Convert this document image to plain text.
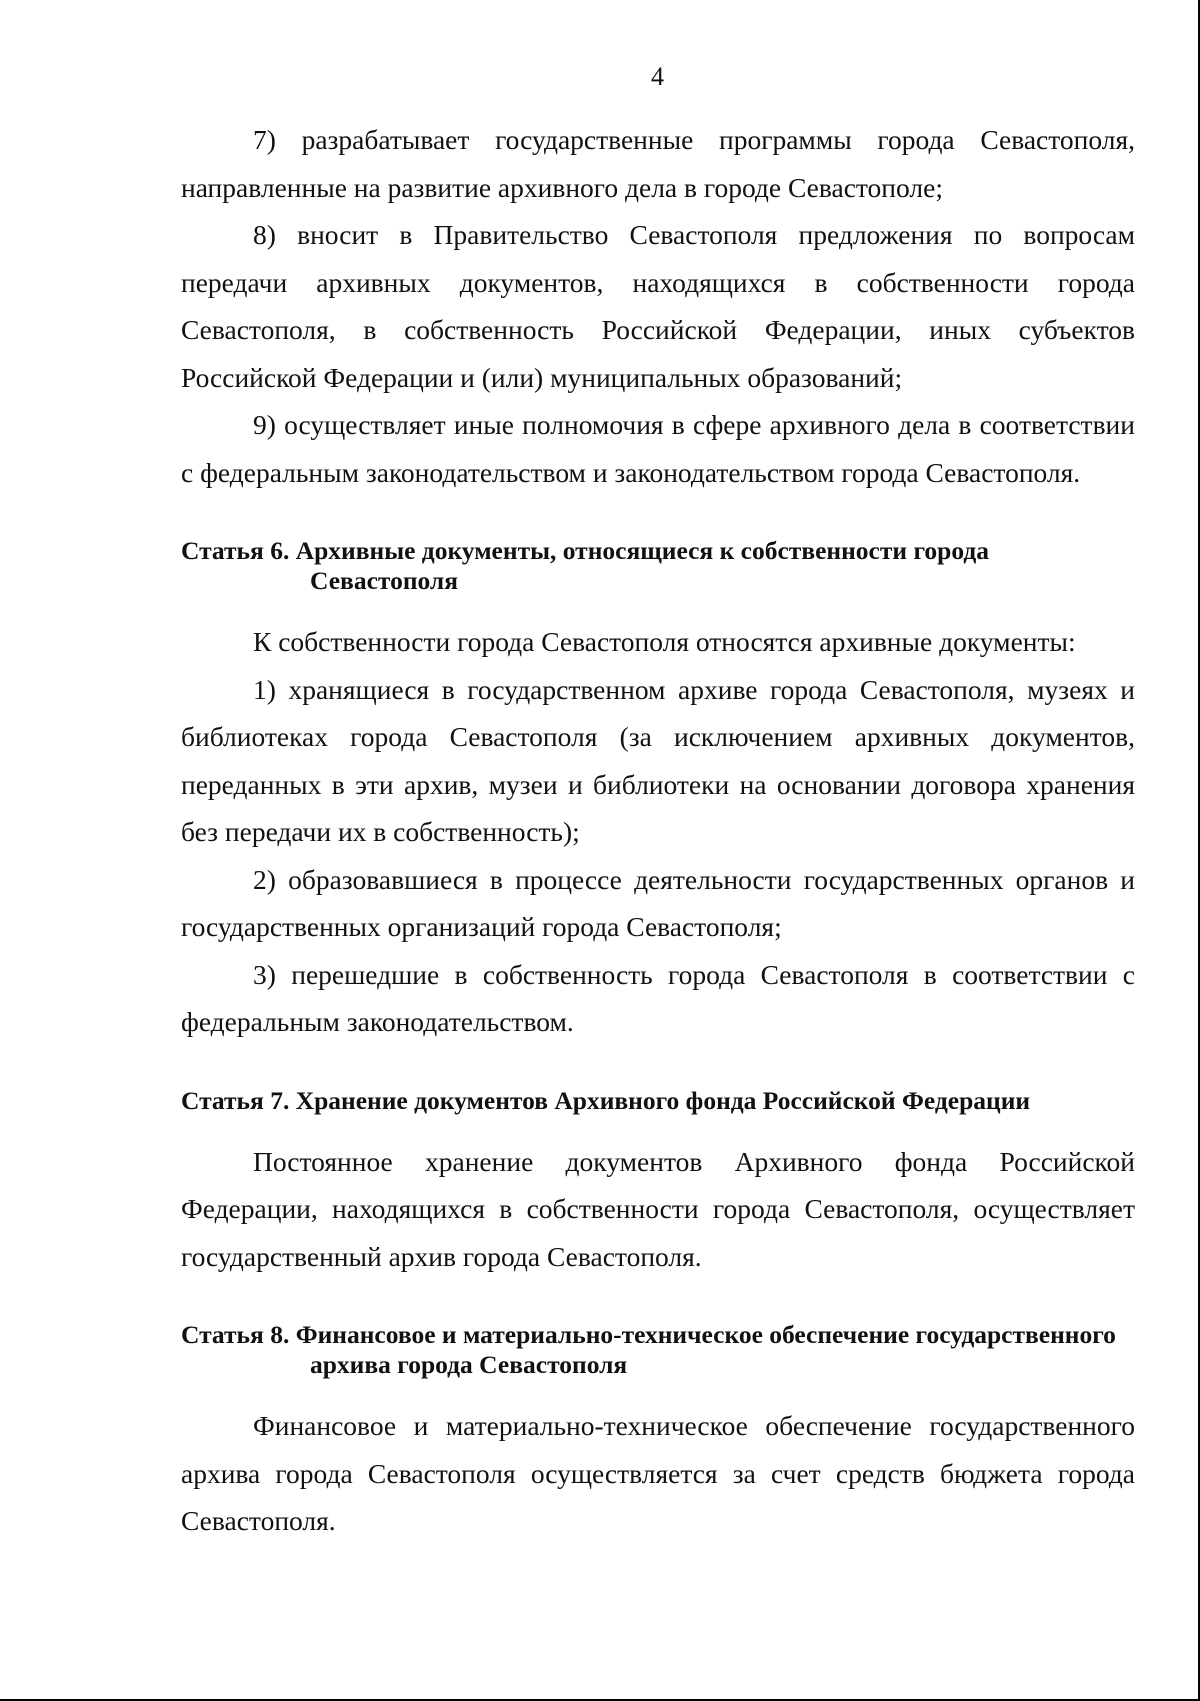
4

7) разрабатывает государственные программы города Севастополя, направленные на развитие архивного дела в городе Севастополе;

8) вносит в Правительство Севастополя предложения по вопросам передачи архивных документов, находящихся в собственности города Севастополя, в собственность Российской Федерации, иных субъектов Российской Федерации и (или) муниципальных образований;

9) осуществляет иные полномочия в сфере архивного дела в соответствии с федеральным законодательством и законодательством города Севастополя.

Статья 6. Архивные документы, относящиеся к собственности города Севастополя

К собственности города Севастополя относятся архивные документы:

1) хранящиеся в государственном архиве города Севастополя, музеях и библиотеках города Севастополя (за исключением архивных документов, переданных в эти архив, музеи и библиотеки на основании договора хранения без передачи их в собственность);

2) образовавшиеся в процессе деятельности государственных органов и государственных организаций города Севастополя;

3) перешедшие в собственность города Севастополя в соответствии с федеральным законодательством.

Статья 7. Хранение документов Архивного фонда Российской Федерации

Постоянное хранение документов Архивного фонда Российской Федерации, находящихся в собственности города Севастополя, осуществляет государственный архив города Севастополя.

Статья 8. Финансовое и материально-техническое обеспечение государственного архива города Севастополя

Финансовое и материально-техническое обеспечение государственного архива города Севастополя осуществляется за счет средств бюджета города Севастополя.
